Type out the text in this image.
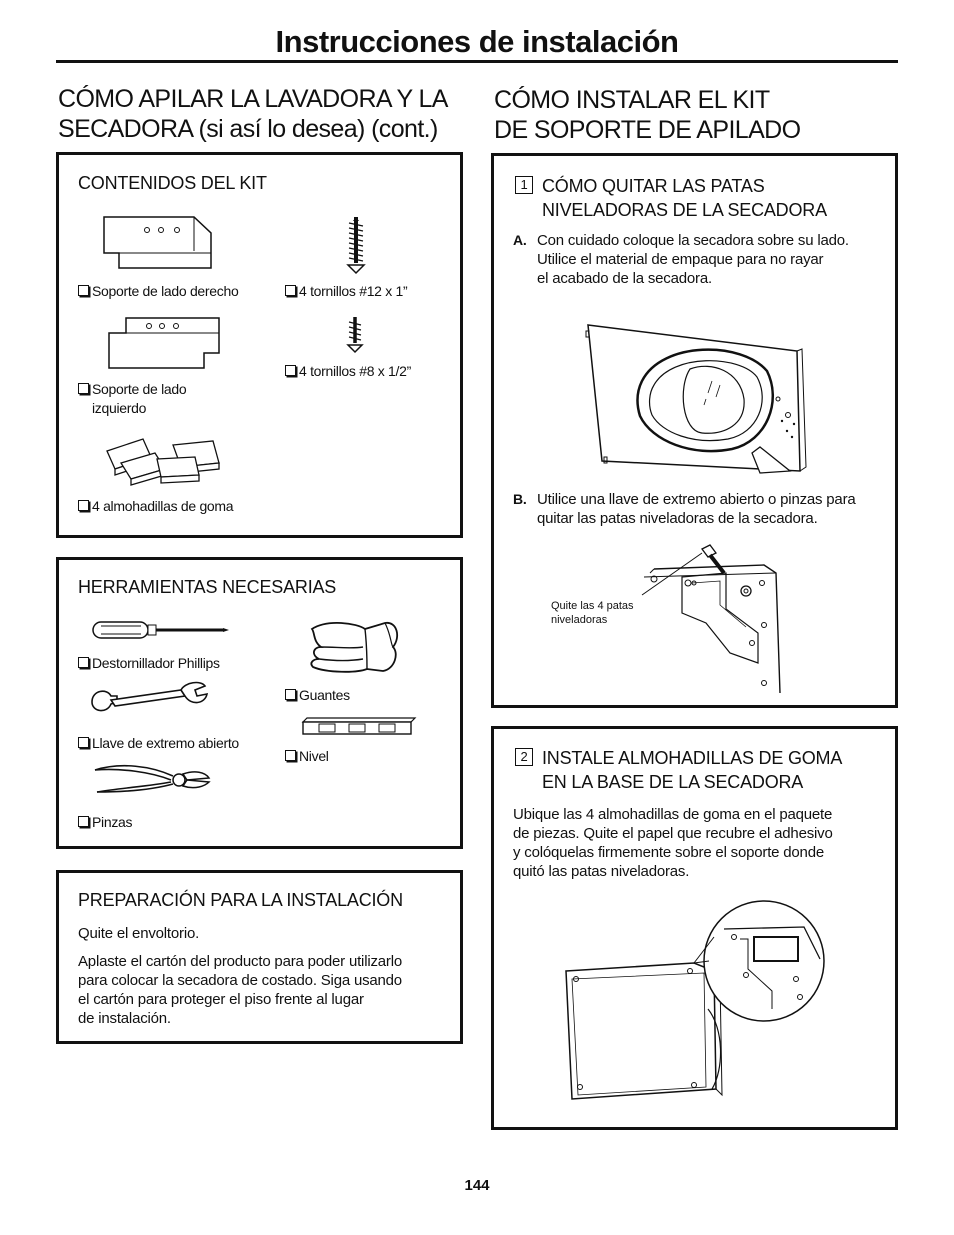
Instrucciones de instalación
CÓMO APILAR LA LAVADORA Y LA
SECADORA (si así lo desea) (cont.)
CÓMO INSTALAR EL KIT
DE SOPORTE DE APILADO
CONTENIDOS DEL KIT
Soporte de lado derecho	4 tornillos #12 x 1”
4 tornillos #8 x 1/2”
Soporte de lado
izquierdo
4 almohadillas de goma
HERRAMIENTAS NECESARIAS
Destornillador Phillips
Guantes
Llave de extremo abierto
Nivel
Pinzas
PREPARACIÓN PARA LA INSTALACIÓN
Quite el envoltorio.
Aplaste el cartón del producto para poder utilizarlo
para colocar la secadora de costado. Siga usando
el cartón para proteger el piso frente al lugar
de instalación.
1 CÓMO QUITAR LAS PATAS
NIVELADORAS DE LA SECADORA
A. Con cuidado coloque la secadora sobre su lado.
Utilice el material de empaque para no rayar
el acabado de la secadora.
B. Utilice una llave de extremo abierto o pinzas para
quitar las patas niveladoras de la secadora.
Quite las 4 patas
niveladoras
2 INSTALE ALMOHADILLAS DE GOMA
EN LA BASE DE LA SECADORA
Ubique las 4 almohadillas de goma en el paquete
de piezas. Quite el papel que recubre el adhesivo
y colóquelas firmemente sobre el soporte donde
quitó las patas niveladoras.
144
